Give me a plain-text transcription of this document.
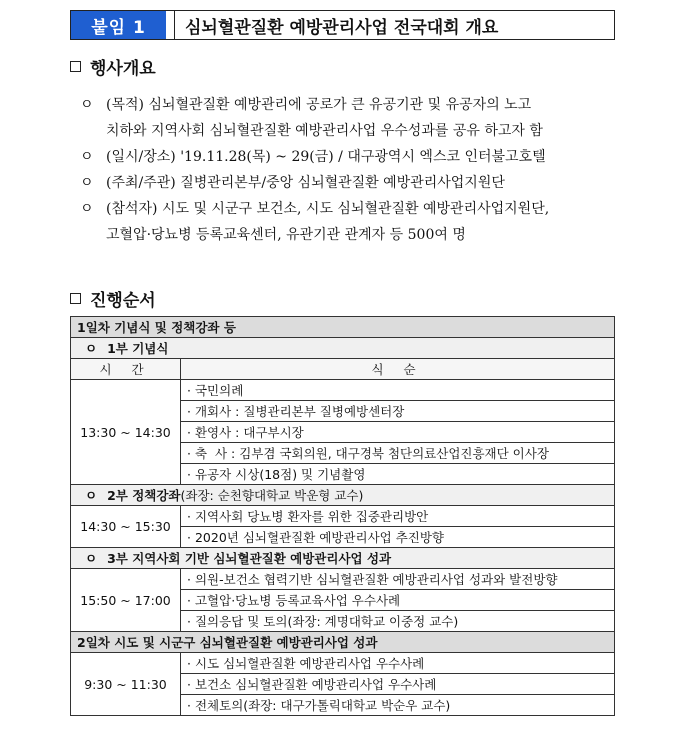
붙임 1	심뇌혈관질환 예방관리사업 전국대회 개요
행사개요
ㅇ (목적) 심뇌혈관질환 예방관리에 공로가 큰 유공기관 및 유공자의 노고
치하와 지역사회 심뇌혈관질환 예방관리사업 우수성과를 공유 하고자 함
ㅇ (일시/장소) '19.11.28(목) ~ 29(금) / 대구광역시 엑스코 인터불고호텔
ㅇ (주최/주관) 질병관리본부/중앙 심뇌혈관질환 예방관리사업지원단
ㅇ (참석자) 시도 및 시군구 보건소, 시도 심뇌혈관질환 예방관리사업지원단,
고혈압·당뇨병 등록교육센터, 유관기관 관계자 등 500여 명
진행순서
1일차 기념식 및 정책강좌 등	
ㅇ 1부 기념식	
시 간	식 순
13:30 ~ 14:30	· 국민의례
	· 개회사 : 질병관리본부 질병예방센터장
	· 환영사 : 대구부시장
	· 축  사 : 김부겸 국회의원, 대구경북 첨단의료산업진흥재단 이사장
	· 유공자 시상(18점) 및 기념촬영
ㅇ 2부 정책강좌(좌장: 순천향대학교 박운형 교수)	
14:30 ~ 15:30	· 지역사회 당뇨병 환자를 위한 집중관리방안
	· 2020년 심뇌혈관질환 예방관리사업 추진방향
ㅇ 3부 지역사회 기반 심뇌혈관질환 예방관리사업 성과	
15:50 ~ 17:00	· 의원-보건소 협력기반 심뇌혈관질환 예방관리사업 성과와 발전방향
	· 고혈압·당뇨병 등록교육사업 우수사례
	· 질의응답 및 토의(좌장: 계명대학교 이중정 교수)
2일차 시도 및 시군구 심뇌혈관질환 예방관리사업 성과	
9:30 ~ 11:30	· 시도 심뇌혈관질환 예방관리사업 우수사례
	· 보건소 심뇌혈관질환 예방관리사업 우수사례
	· 전체토의(좌장: 대구가톨릭대학교 박순우 교수)
